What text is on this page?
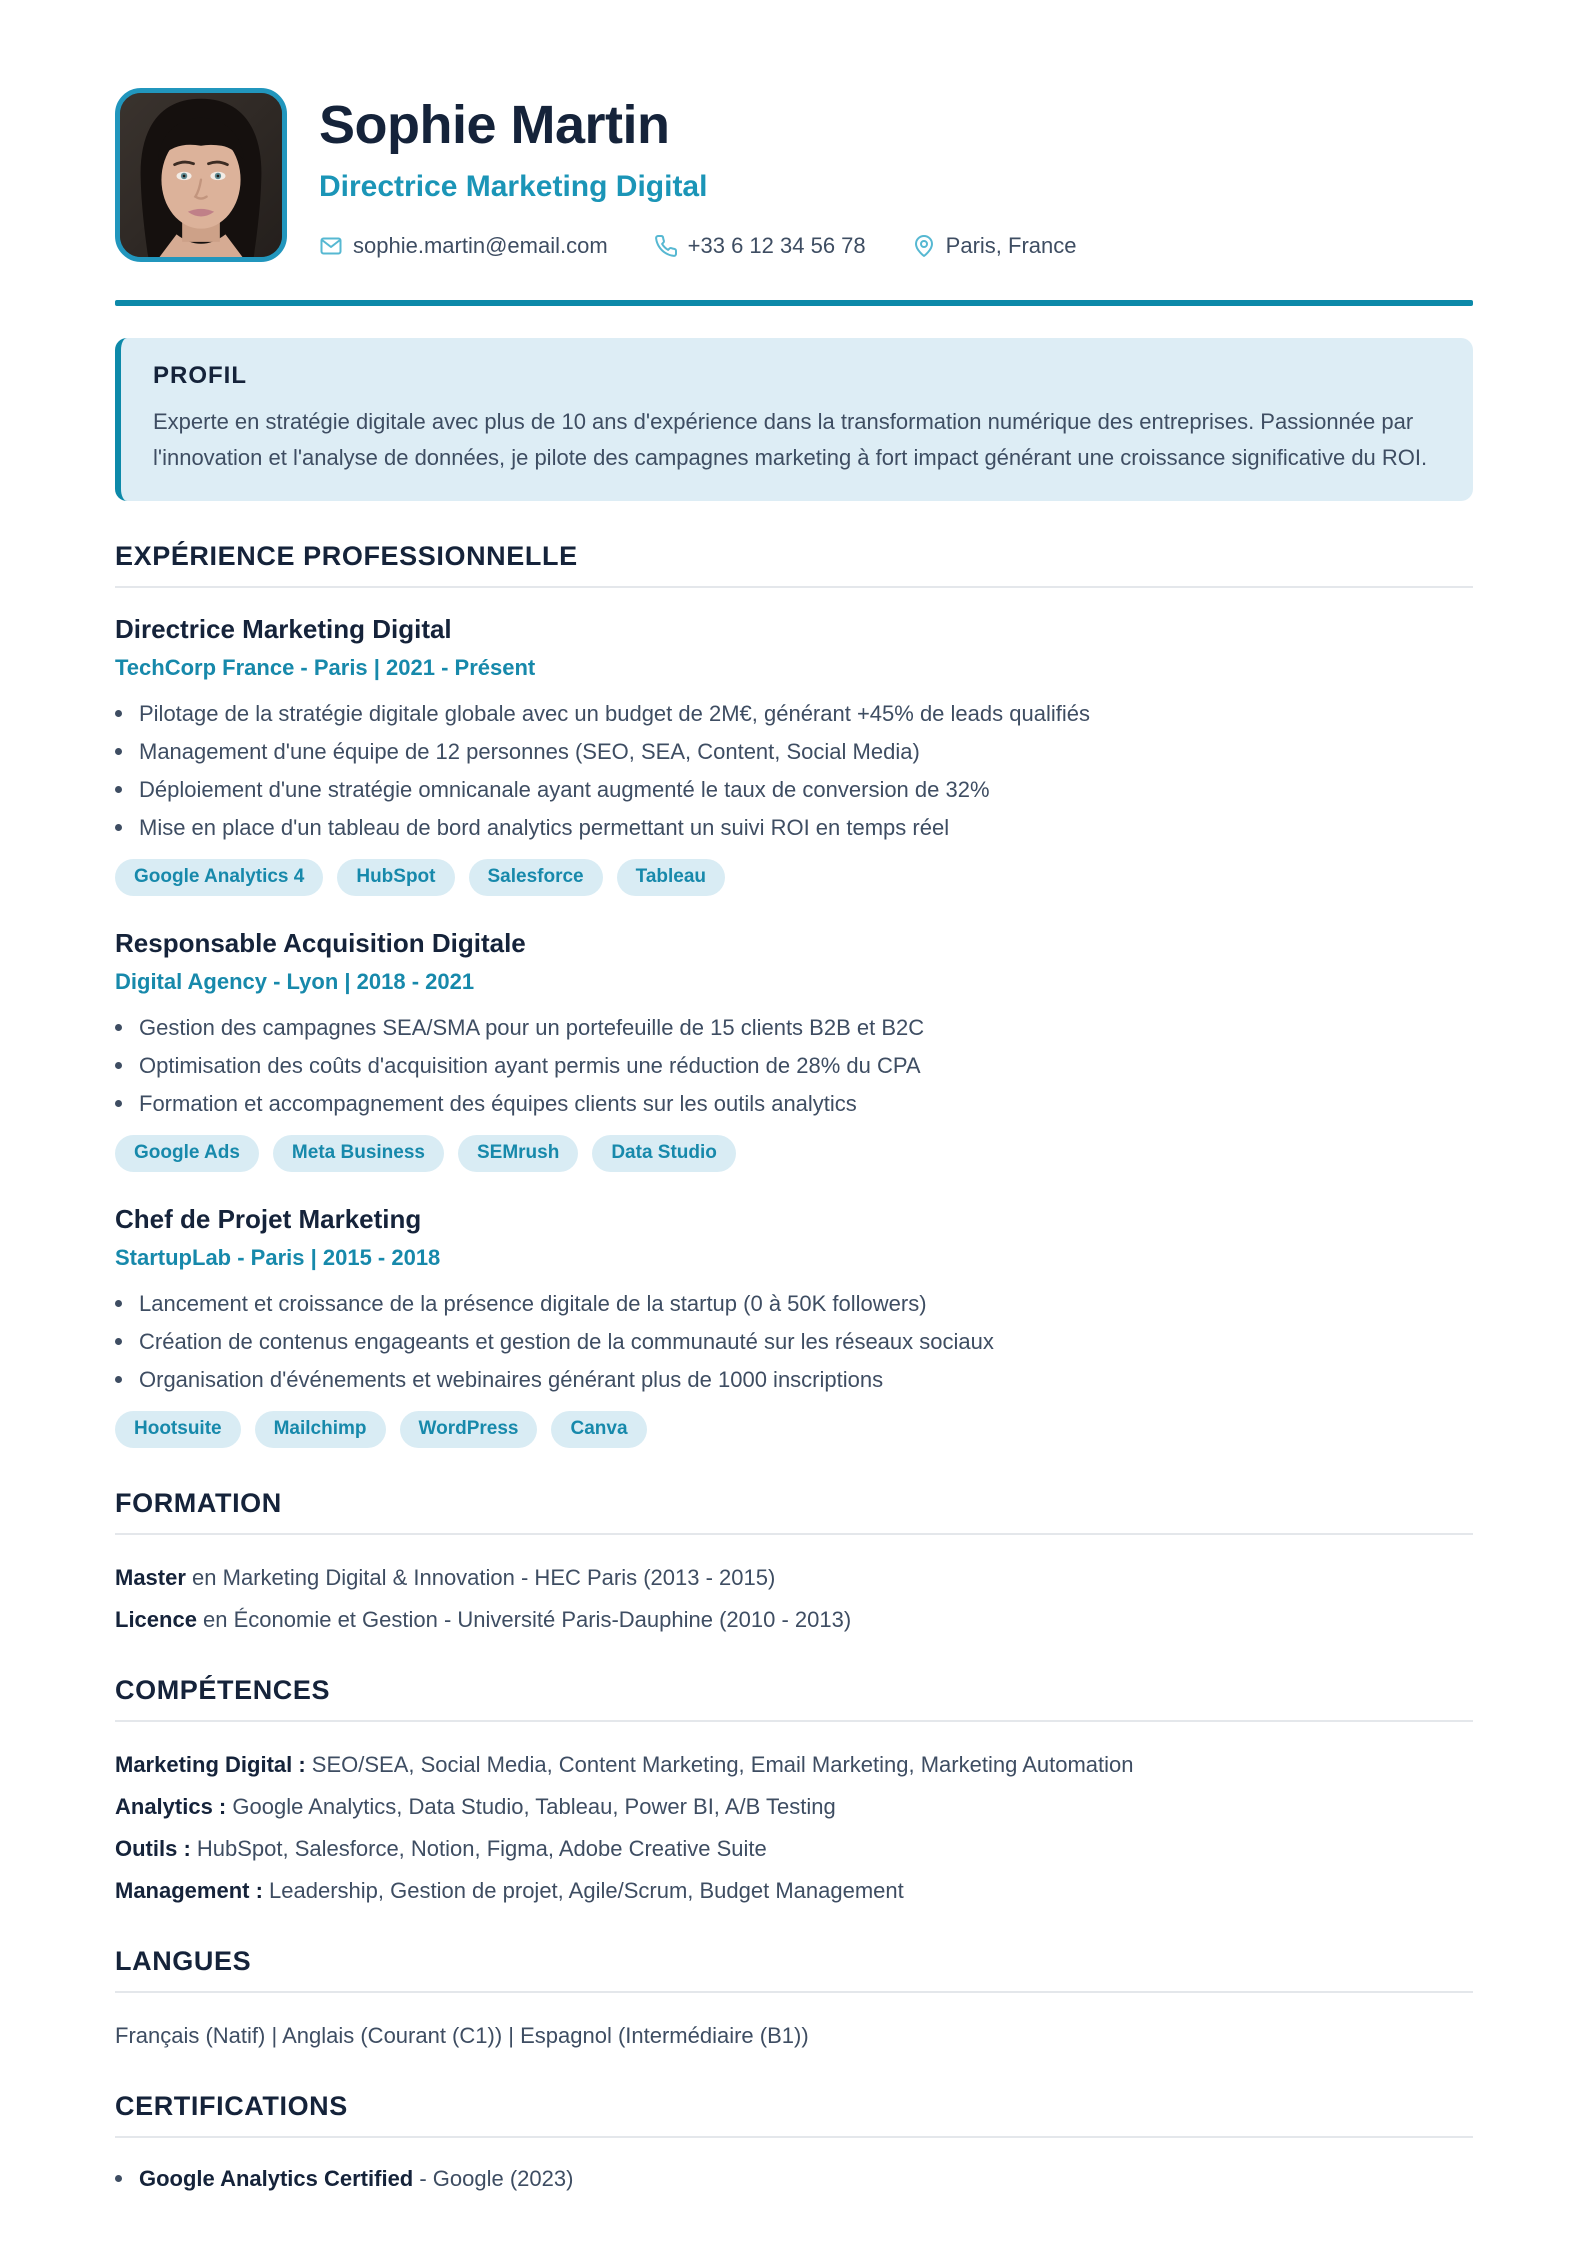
Sophie Martin
Directrice Marketing Digital
sophie.martin@email.com	+33 6 12 34 56 78	Paris, France
PROFIL

Experte en stratégie digitale avec plus de 10 ans d'expérience dans la transformation numérique des entreprises. Passionnée par l'innovation et l'analyse de données, je pilote des campagnes marketing à fort impact générant une croissance significative du ROI.

EXPÉRIENCE PROFESSIONNELLE
Directrice Marketing Digital
TechCorp France - Paris | 2021 - Présent
Pilotage de la stratégie digitale globale avec un budget de 2M€, générant +45% de leads qualifiés
Management d'une équipe de 12 personnes (SEO, SEA, Content, Social Media)
Déploiement d'une stratégie omnicanale ayant augmenté le taux de conversion de 32%
Mise en place d'un tableau de bord analytics permettant un suivi ROI en temps réel
Google Analytics 4	HubSpot	Salesforce	Tableau
Responsable Acquisition Digitale
Digital Agency - Lyon | 2018 - 2021
Gestion des campagnes SEA/SMA pour un portefeuille de 15 clients B2B et B2C
Optimisation des coûts d'acquisition ayant permis une réduction de 28% du CPA
Formation et accompagnement des équipes clients sur les outils analytics
Google Ads	Meta Business	SEMrush	Data Studio
Chef de Projet Marketing
StartupLab - Paris | 2015 - 2018
Lancement et croissance de la présence digitale de la startup (0 à 50K followers)
Création de contenus engageants et gestion de la communauté sur les réseaux sociaux
Organisation d'événements et webinaires générant plus de 1000 inscriptions
Hootsuite	Mailchimp	WordPress	Canva
FORMATION
Master en Marketing Digital & Innovation - HEC Paris (2013 - 2015)
Licence en Économie et Gestion - Université Paris-Dauphine (2010 - 2013)
COMPÉTENCES
Marketing Digital : SEO/SEA, Social Media, Content Marketing, Email Marketing, Marketing Automation
Analytics : Google Analytics, Data Studio, Tableau, Power BI, A/B Testing
Outils : HubSpot, Salesforce, Notion, Figma, Adobe Creative Suite
Management : Leadership, Gestion de projet, Agile/Scrum, Budget Management
LANGUES
Français (Natif) | Anglais (Courant (C1)) | Espagnol (Intermédiaire (B1))
CERTIFICATIONS
Google Analytics Certified - Google (2023)
